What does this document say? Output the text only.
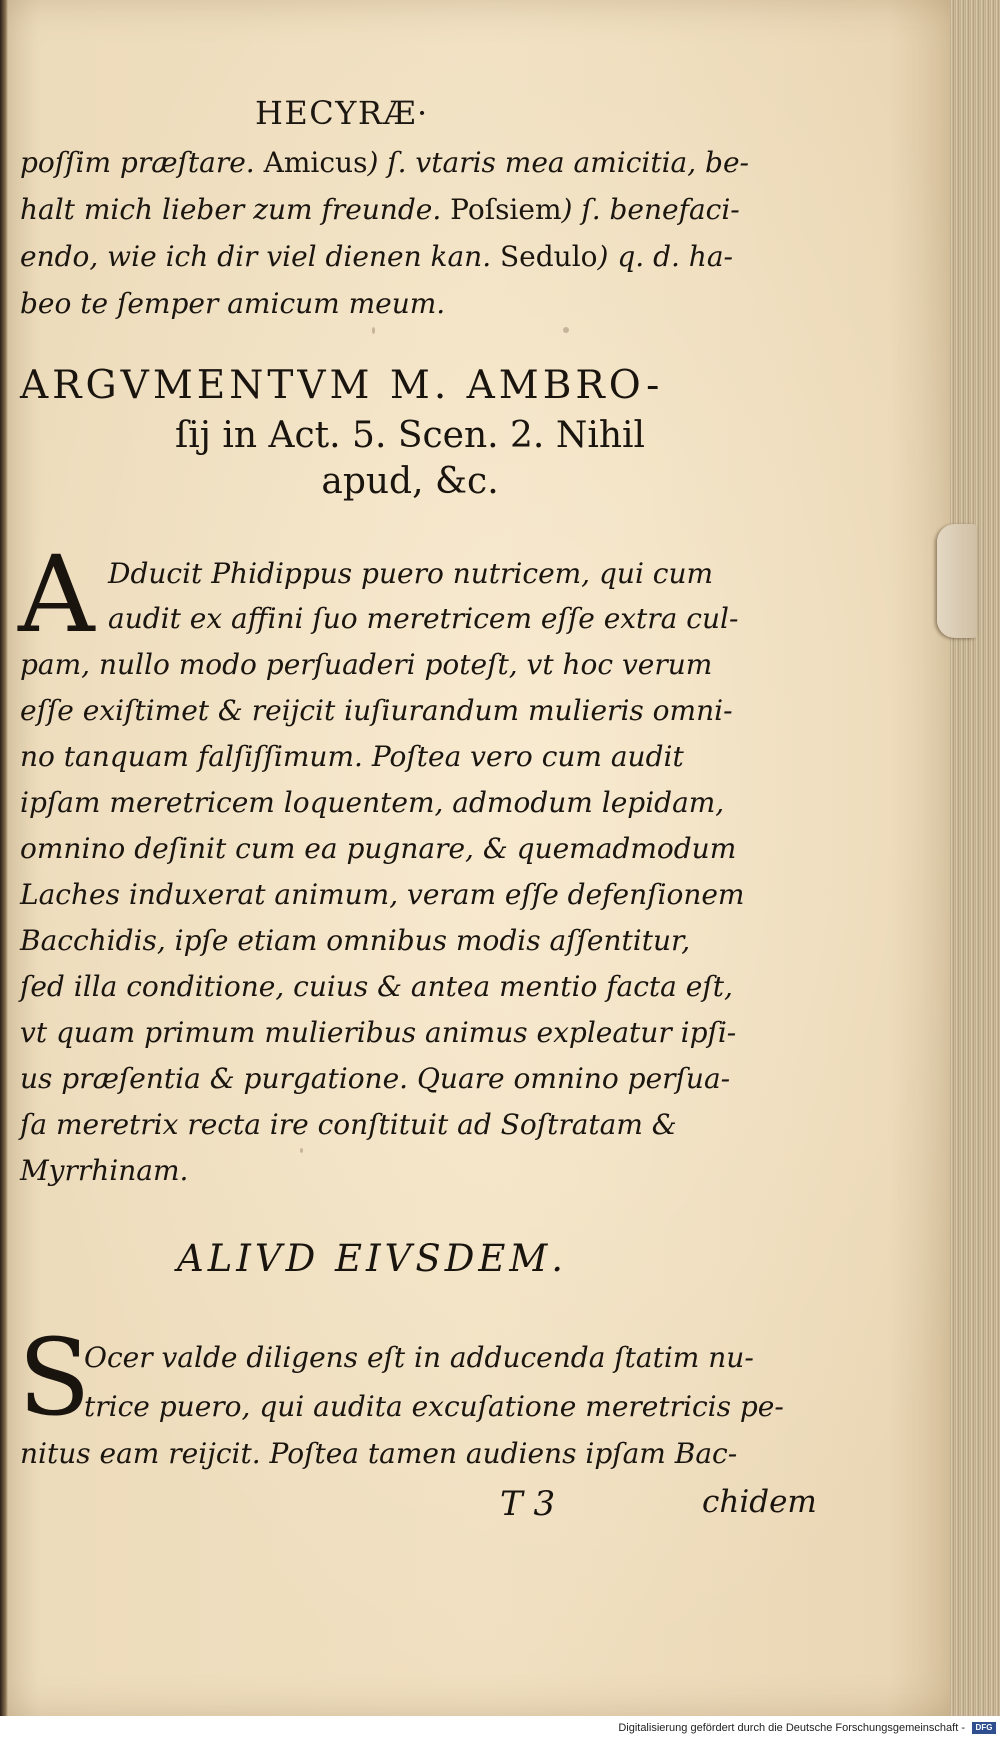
HECYRÆ·
poſſim præſtare. Amicus) ſ. vtaris mea amicitia, be-
halt mich lieber zum freunde. Poſsiem) ſ. benefaci-
endo, wie ich dir viel dienen kan. Sedulo) q. d. ha-
beo te ſemper amicum meum.
ARGVMENTVM M. AMBRO-
ſij in Act. 5. Scen. 2. Nihil
apud, &c.
A Dducit Phidippus puero nutricem, qui cum
audit ex affini ſuo meretricem eſſe extra cul-
pam, nullo modo perſuaderi poteſt, vt hoc verum
eſſe exiſtimet & reijcit iuſiurandum mulieris omni-
no tanquam falſiſſimum. Poſtea vero cum audit
ipſam meretricem loquentem, admodum lepidam,
omnino deſinit cum ea pugnare, & quemadmodum
Laches induxerat animum, veram eſſe defenſionem
Bacchidis, ipſe etiam omnibus modis aſſentitur,
ſed illa conditione, cuius & antea mentio facta eſt,
vt quam primum mulieribus animus expleatur ipſi-
us præſentia & purgatione. Quare omnino perſua-
ſa meretrix recta ire conſtituit ad Soſtratam &
Myrrhinam.
ALIVD EIVSDEM.
S
Ocer valde diligens eſt in adducenda ſtatim nu-
trice puero, qui audita excuſatione meretricis pe-
nitus eam reijcit. Poſtea tamen audiens ipſam Bac-
T 3	chidem
Digitalisierung gefördert durch die Deutsche Forschungsgemeinschaft -	DFG
